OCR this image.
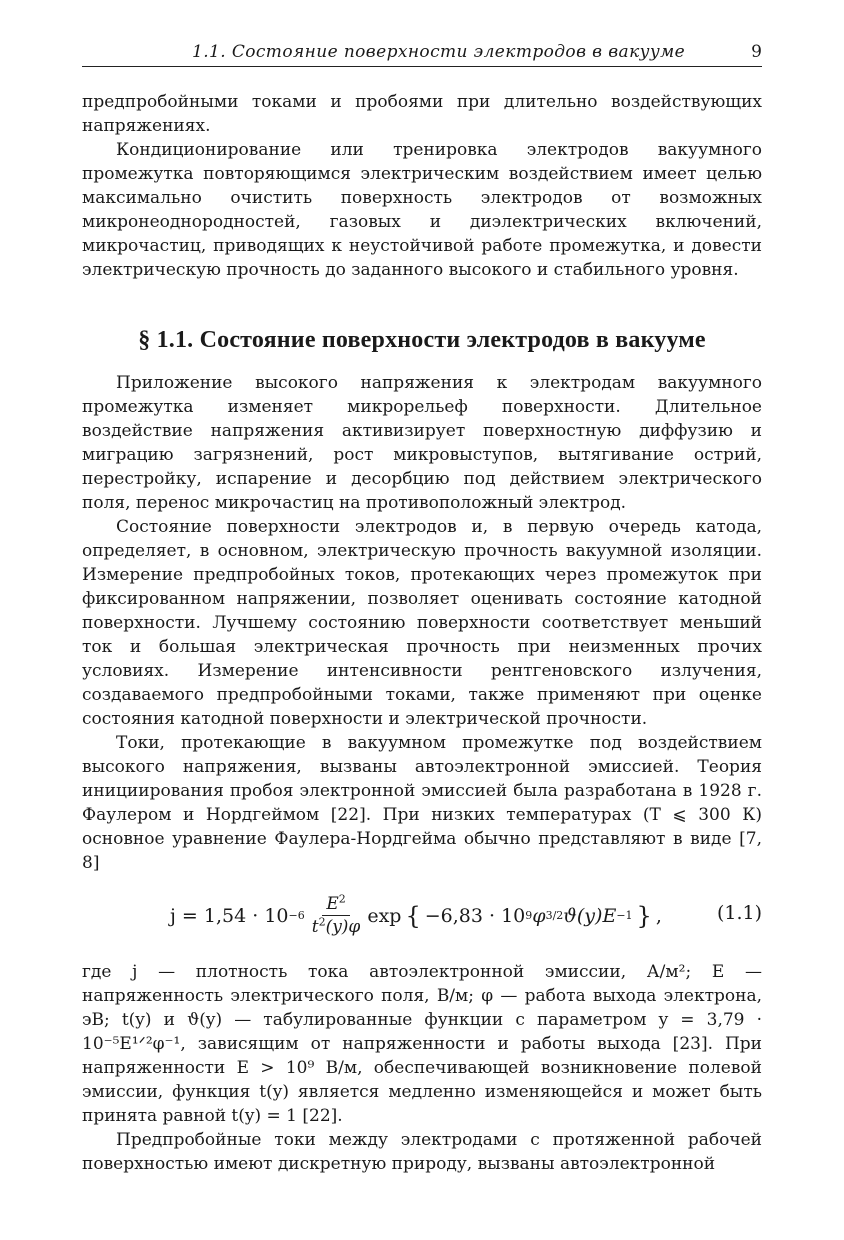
1.1. Состояние поверхности электродов в вакууме	9

предпробойными токами и пробоями при длительно воздействующих напряжениях.

Кондиционирование или тренировка электродов вакуумного промежутка повторяющимся электрическим воздействием имеет целью максимально очистить поверхность электродов от возможных микронеоднородностей, газовых и диэлектрических включений, микрочастиц, приводящих к неустойчивой работе промежутка, и довести электрическую прочность до заданного высокого и стабильного уровня.

§ 1.1. Состояние поверхности электродов в вакууме

Приложение высокого напряжения к электродам вакуумного промежутка изменяет микрорельеф поверхности. Длительное воздействие напряжения активизирует поверхностную диффузию и миграцию загрязнений, рост микровыступов, вытягивание острий, перестройку, испарение и десорбцию под действием электрического поля, перенос микрочастиц на противоположный электрод.

Состояние поверхности электродов и, в первую очередь катода, определяет, в основном, электрическую прочность вакуумной изоляции. Измерение предпробойных токов, протекающих через промежуток при фиксированном напряжении, позволяет оценивать состояние катодной поверхности. Лучшему состоянию поверхности соответствует меньший ток и большая электрическая прочность при неизменных прочих условиях. Измерение интенсивности рентгеновского излучения, создаваемого предпробойными токами, также применяют при оценке состояния катодной поверхности и электрической прочности.

Токи, протекающие в вакуумном промежутке под воздействием высокого напряжения, вызваны автоэлектронной эмиссией. Теория инициирования пробоя электронной эмиссией была разработана в 1928 г. Фаулером и Нордгеймом [22]. При низких температурах (T ⩽ 300 К) основное уравнение Фаулера-Нордгейма обычно представляют в виде [7, 8]

$j = 1,54 \cdot 10 -6 \frac{E^2}{t^2(y)\varphi}$ exp { −6,83 · 10 9 φ 3/2 ϑ(y)E −1 } ,	(1.1)

где j — плотность тока автоэлектронной эмиссии, А/м²; E — напряженность электрического поля, В/м; φ — работа выхода электрона, эВ; t(y) и ϑ(y) — табулированные функции с параметром y = 3,79 · 10⁻⁵E¹ᐟ²φ⁻¹, зависящим от напряженности и работы выхода [23]. При напряженности E > 10⁹ В/м, обеспечивающей возникновение полевой эмиссии, функция t(y) является медленно изменяющейся и может быть принята равной t(y) = 1 [22].

Предпробойные токи между электродами с протяженной рабочей поверхностью имеют дискретную природу, вызваны автоэлектронной
